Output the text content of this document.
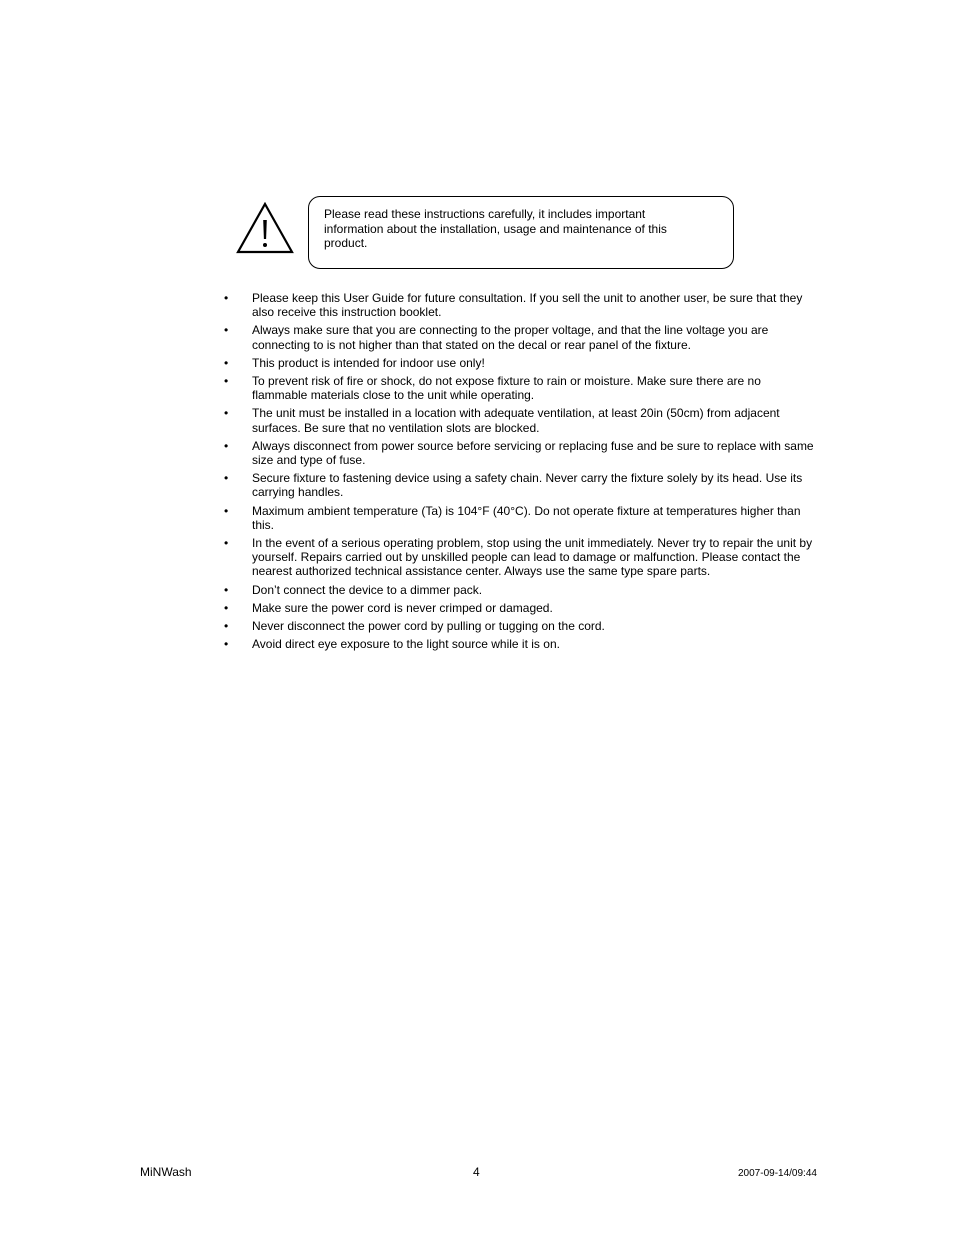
Please read these instructions carefully, it includes important information about the installation, usage and maintenance of this product.
• Please keep this User Guide for future consultation. If you sell the unit to another user, be sure that they also receive this instruction booklet.
• Always make sure that you are connecting to the proper voltage, and that the line voltage you are connecting to is not higher than that stated on the decal or rear panel of the fixture.
• This product is intended for indoor use only!
• To prevent risk of fire or shock, do not expose fixture to rain or moisture. Make sure there are no flammable materials close to the unit while operating.
• The unit must be installed in a location with adequate ventilation, at least 20in (50cm) from adjacent surfaces. Be sure that no ventilation slots are blocked.
• Always disconnect from power source before servicing or replacing fuse and be sure to replace with same size and type of fuse.
• Secure fixture to fastening device using a safety chain. Never carry the fixture solely by its head. Use its carrying handles.
• Maximum ambient temperature (Ta) is 104°F (40°C). Do not operate fixture at temperatures higher than this.
• In the event of a serious operating problem, stop using the unit immediately. Never try to repair the unit by yourself. Repairs carried out by unskilled people can lead to damage or malfunction. Please contact the nearest authorized technical assistance center. Always use the same type spare parts.
• Don’t connect the device to a dimmer pack.
• Make sure the power cord is never crimped or damaged.
• Never disconnect the power cord by pulling or tugging on the cord.
• Avoid direct eye exposure to the light source while it is on.
MiNWash	4	2007-09-14/09:44
